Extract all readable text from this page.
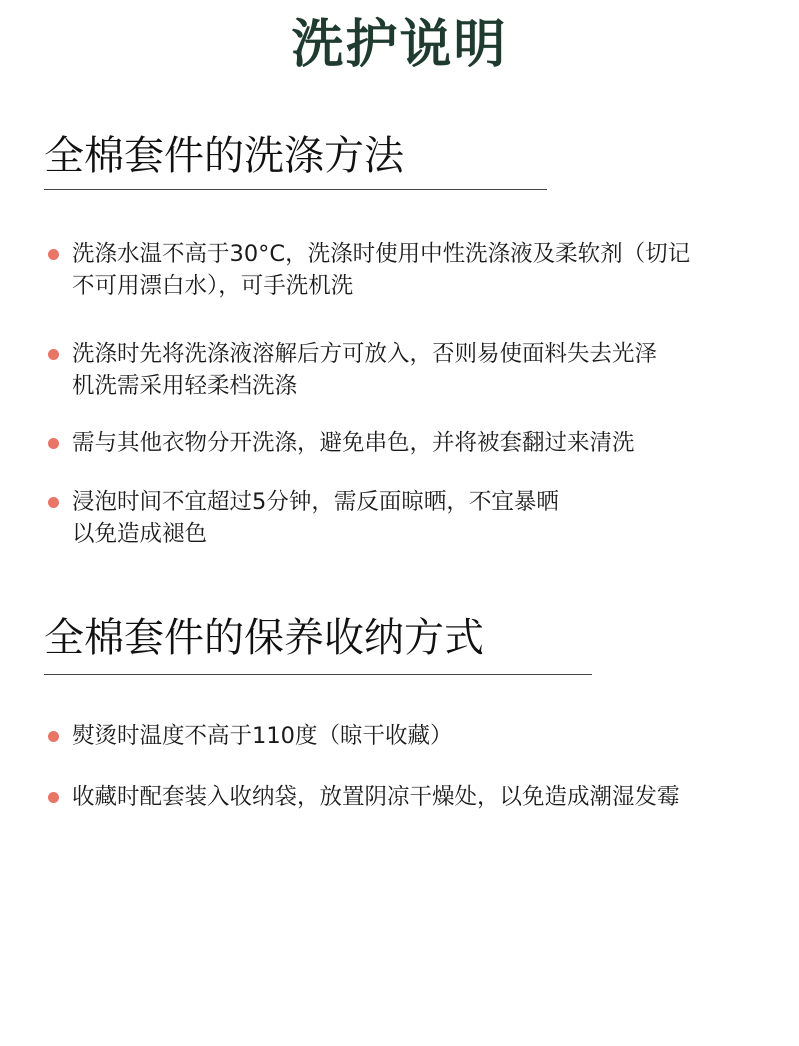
洗护说明
全棉套件的洗涤方法
洗涤水温不高于30°C，洗涤时使用中性洗涤液及柔软剂（切记
不可用漂白水），可手洗机洗
洗涤时先将洗涤液溶解后方可放入，否则易使面料失去光泽
机洗需采用轻柔档洗涤
需与其他衣物分开洗涤，避免串色，并将被套翻过来清洗
浸泡时间不宜超过5分钟，需反面晾晒，不宜暴晒
以免造成褪色
全棉套件的保养收纳方式
熨烫时温度不高于110度（晾干收藏）
收藏时配套装入收纳袋，放置阴凉干燥处，以免造成潮湿发霉
